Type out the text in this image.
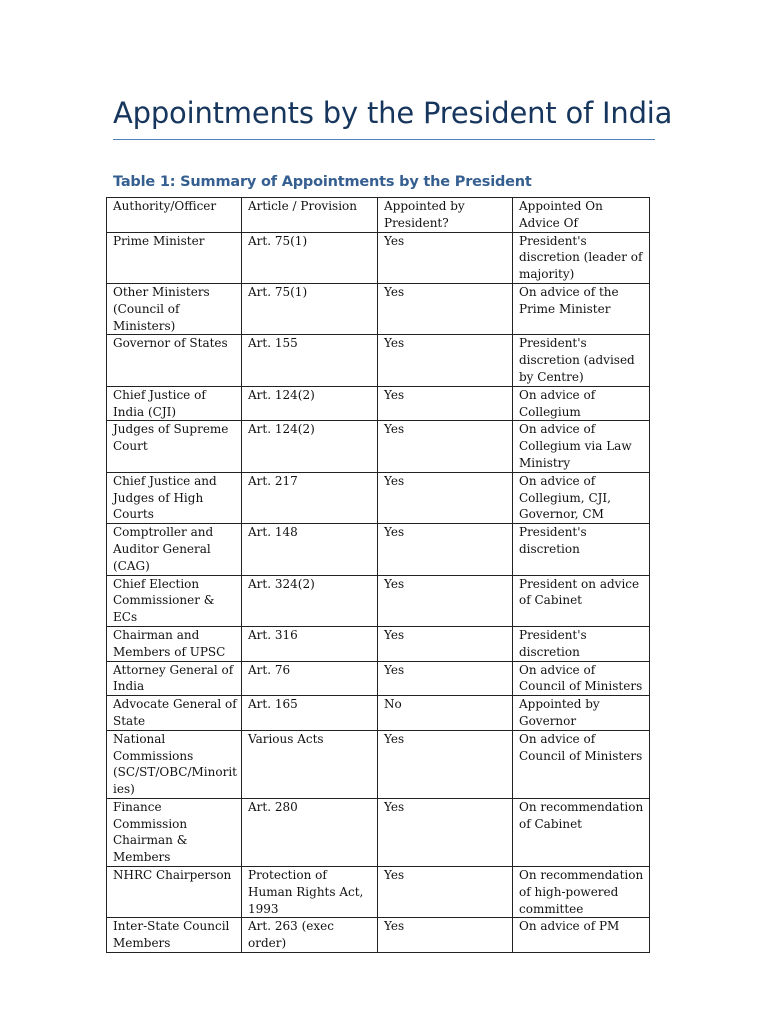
Appointments by the President of India
Table 1: Summary of Appointments by the President
Authority/Officer	Article / Provision	Appointed by President?	Appointed On Advice Of
Prime Minister	Art. 75(1)	Yes	President's discretion (leader of majority)
Other Ministers (Council of Ministers)	Art. 75(1)	Yes	On advice of the Prime Minister
Governor of States	Art. 155	Yes	President's discretion (advised by Centre)
Chief Justice of India (CJI)	Art. 124(2)	Yes	On advice of Collegium
Judges of Supreme Court	Art. 124(2)	Yes	On advice of Collegium via Law Ministry
Chief Justice and Judges of High Courts	Art. 217	Yes	On advice of Collegium, CJI, Governor, CM
Comptroller and Auditor General (CAG)	Art. 148	Yes	President's discretion
Chief Election Commissioner & ECs	Art. 324(2)	Yes	President on advice of Cabinet
Chairman and Members of UPSC	Art. 316	Yes	President's discretion
Attorney General of India	Art. 76	Yes	On advice of Council of Ministers
Advocate General of State	Art. 165	No	Appointed by Governor
National Commissions (SC/ST/OBC/Minorities)	Various Acts	Yes	On advice of Council of Ministers
Finance Commission Chairman & Members	Art. 280	Yes	On recommendation of Cabinet
NHRC Chairperson	Protection of Human Rights Act, 1993	Yes	On recommendation of high-powered committee
Inter-State Council Members	Art. 263 (exec order)	Yes	On advice of PM
